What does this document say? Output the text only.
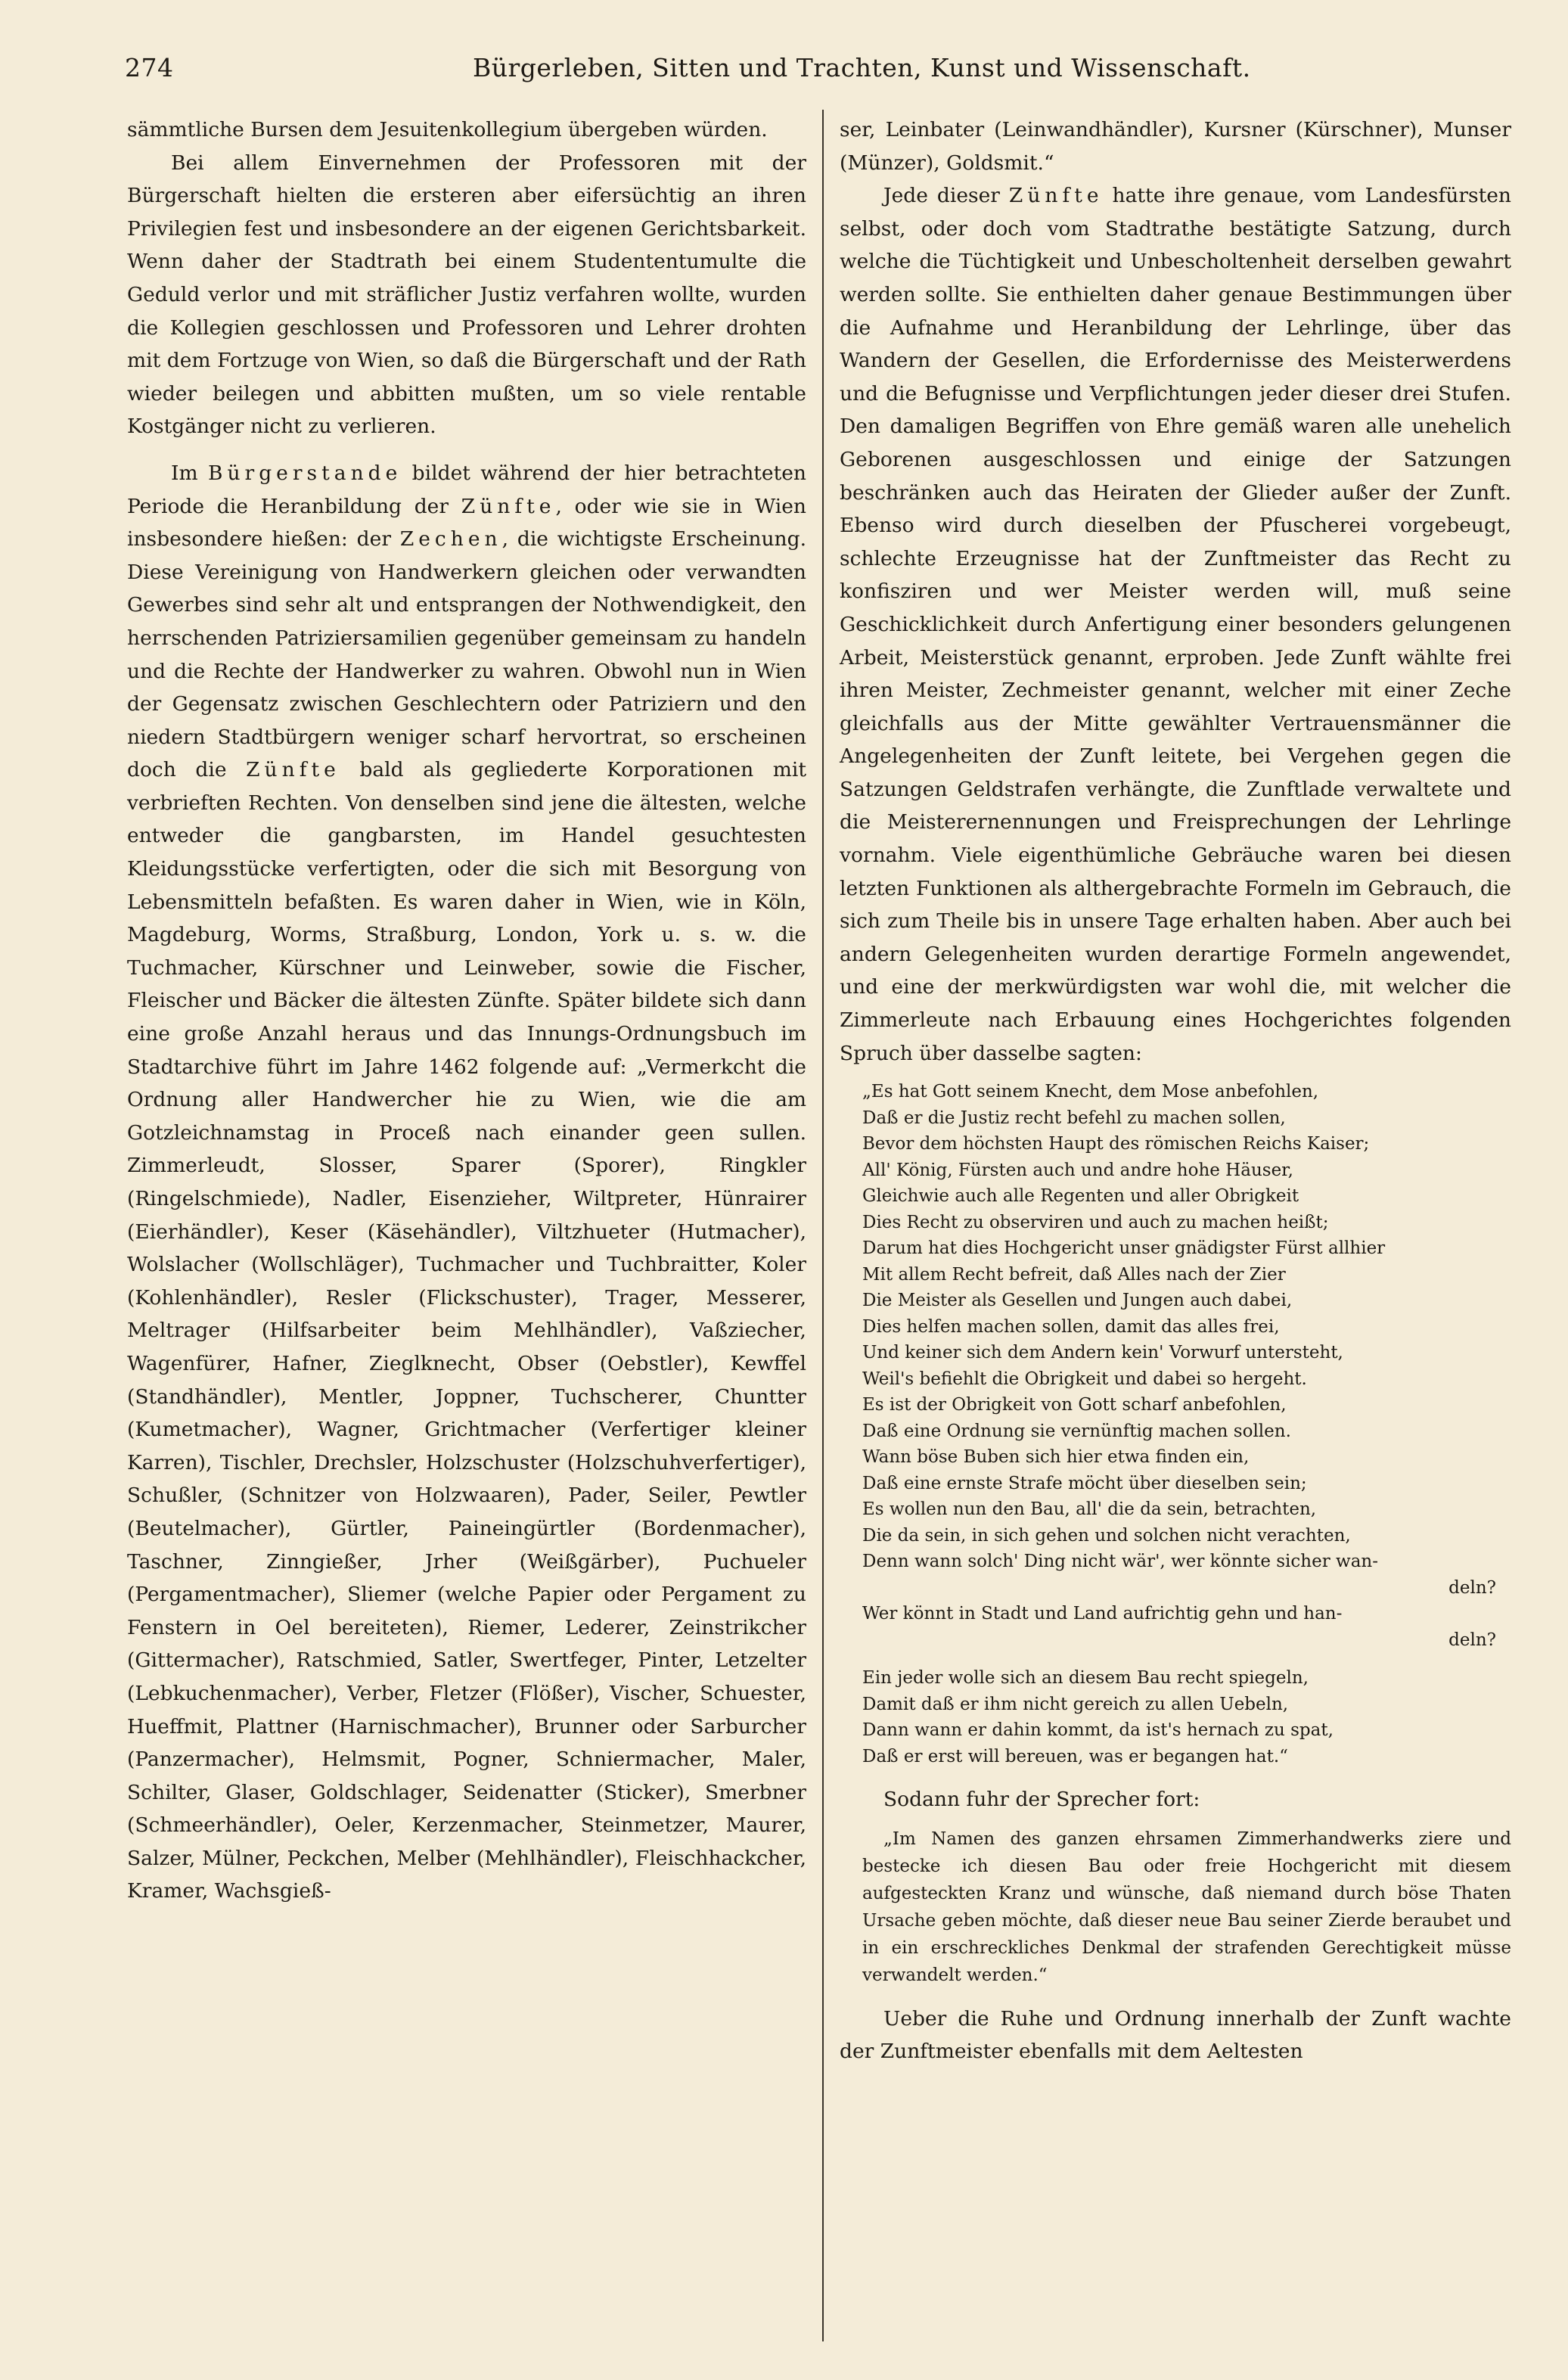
274	Bürgerleben, Sitten und Trachten, Kunst und Wissenschaft.

sämmtliche Bursen dem Jesuitenkollegium übergeben würden.

Bei allem Einvernehmen der Professoren mit der Bürgerschaft hielten die ersteren aber eifersüchtig an ihren Privilegien fest und insbesondere an der eigenen Gerichtsbarkeit. Wenn daher der Stadtrath bei einem Studententumulte die Geduld verlor und mit sträflicher Justiz verfahren wollte, wurden die Kollegien geschlossen und Professoren und Lehrer drohten mit dem Fortzuge von Wien, so daß die Bürgerschaft und der Rath wieder beilegen und abbitten mußten, um so viele rentable Kostgänger nicht zu verlieren.

Im Bürgerstande bildet während der hier betrachteten Periode die Heranbildung der Zünfte, oder wie sie in Wien insbesondere hießen: der Zechen, die wichtigste Erscheinung. Diese Vereinigung von Handwerkern gleichen oder verwandten Gewerbes sind sehr alt und entsprangen der Nothwendigkeit, den herrschenden Patriziersamilien gegenüber gemeinsam zu handeln und die Rechte der Handwerker zu wahren. Obwohl nun in Wien der Gegensatz zwischen Geschlechtern oder Patriziern und den niedern Stadtbürgern weniger scharf hervortrat, so erscheinen doch die Zünfte bald als gegliederte Korporationen mit verbrieften Rechten. Von denselben sind jene die ältesten, welche entweder die gangbarsten, im Handel gesuchtesten Kleidungsstücke verfertigten, oder die sich mit Besorgung von Lebensmitteln befaßten. Es waren daher in Wien, wie in Köln, Magdeburg, Worms, Straßburg, London, York u. s. w. die Tuchmacher, Kürschner und Leinweber, sowie die Fischer, Fleischer und Bäcker die ältesten Zünfte. Später bildete sich dann eine große Anzahl heraus und das Innungs-Ordnungsbuch im Stadtarchive führt im Jahre 1462 folgende auf: „Vermerkcht die Ordnung aller Handwercher hie zu Wien, wie die am Gotzleichnamstag in Proceß nach einander geen sullen. Zimmerleudt, Slosser, Sparer (Sporer), Ringkler (Ringelschmiede), Nadler, Eisenzieher, Wiltpreter, Hünrairer (Eierhändler), Keser (Käsehändler), Viltzhueter (Hutmacher), Wolslacher (Wollschläger), Tuchmacher und Tuchbraitter, Koler (Kohlenhändler), Resler (Flickschuster), Trager, Messerer, Meltrager (Hilfsarbeiter beim Mehlhändler), Vaßziecher, Wagenfürer, Hafner, Zieglknecht, Obser (Oebstler), Kewffel (Standhändler), Mentler, Joppner, Tuchscherer, Chuntter (Kumetmacher), Wagner, Grichtmacher (Verfertiger kleiner Karren), Tischler, Drechsler, Holzschuster (Holzschuhverfertiger), Schußler, (Schnitzer von Holzwaaren), Pader, Seiler, Pewtler (Beutelmacher), Gürtler, Paineingürtler (Bordenmacher), Taschner, Zinngießer, Jrher (Weißgärber), Puchueler (Pergamentmacher), Sliemer (welche Papier oder Pergament zu Fenstern in Oel bereiteten), Riemer, Lederer, Zeinstrikcher (Gittermacher), Ratschmied, Satler, Swertfeger, Pinter, Letzelter (Lebkuchenmacher), Verber, Fletzer (Flößer), Vischer, Schuester, Hueffmit, Plattner (Harnischmacher), Brunner oder Sarburcher (Panzermacher), Helmsmit, Pogner, Schniermacher, Maler, Schilter, Glaser, Goldschlager, Seidenatter (Sticker), Smerbner (Schmeerhändler), Oeler, Kerzenmacher, Steinmetzer, Maurer, Salzer, Mülner, Peckchen, Melber (Mehlhändler), Fleischhackcher, Kramer, Wachsgieß-

ser, Leinbater (Leinwandhändler), Kursner (Kürschner), Munser (Münzer), Goldsmit.“

Jede dieser Zünfte hatte ihre genaue, vom Landesfürsten selbst, oder doch vom Stadtrathe bestätigte Satzung, durch welche die Tüchtigkeit und Unbescholtenheit derselben gewahrt werden sollte. Sie enthielten daher genaue Bestimmungen über die Aufnahme und Heranbildung der Lehrlinge, über das Wandern der Gesellen, die Erfordernisse des Meisterwerdens und die Befugnisse und Verpflichtungen jeder dieser drei Stufen. Den damaligen Begriffen von Ehre gemäß waren alle unehelich Geborenen ausgeschlossen und einige der Satzungen beschränken auch das Heiraten der Glieder außer der Zunft. Ebenso wird durch dieselben der Pfuscherei vorgebeugt, schlechte Erzeugnisse hat der Zunftmeister das Recht zu konfisziren und wer Meister werden will, muß seine Geschicklichkeit durch Anfertigung einer besonders gelungenen Arbeit, Meisterstück genannt, erproben. Jede Zunft wählte frei ihren Meister, Zechmeister genannt, welcher mit einer Zeche gleichfalls aus der Mitte gewählter Vertrauensmänner die Angelegenheiten der Zunft leitete, bei Vergehen gegen die Satzungen Geldstrafen verhängte, die Zunftlade verwaltete und die Meisterernennungen und Freisprechungen der Lehrlinge vornahm. Viele eigenthümliche Gebräuche waren bei diesen letzten Funktionen als althergebrachte Formeln im Gebrauch, die sich zum Theile bis in unsere Tage erhalten haben. Aber auch bei andern Gelegenheiten wurden derartige Formeln angewendet, und eine der merkwürdigsten war wohl die, mit welcher die Zimmerleute nach Erbauung eines Hochgerichtes folgenden Spruch über dasselbe sagten:

„Es hat Gott seinem Knecht, dem Mose anbefohlen,
Daß er die Justiz recht befehl zu machen sollen,
Bevor dem höchsten Haupt des römischen Reichs Kaiser;
All' König, Fürsten auch und andre hohe Häuser,
Gleichwie auch alle Regenten und aller Obrigkeit
Dies Recht zu observiren und auch zu machen heißt;
Darum hat dies Hochgericht unser gnädigster Fürst allhier
Mit allem Recht befreit, daß Alles nach der Zier
Die Meister als Gesellen und Jungen auch dabei,
Dies helfen machen sollen, damit das alles frei,
Und keiner sich dem Andern kein' Vorwurf untersteht,
Weil's befiehlt die Obrigkeit und dabei so hergeht.
Es ist der Obrigkeit von Gott scharf anbefohlen,
Daß eine Ordnung sie vernünftig machen sollen.
Wann böse Buben sich hier etwa finden ein,
Daß eine ernste Strafe möcht über dieselben sein;
Es wollen nun den Bau, all' die da sein, betrachten,
Die da sein, in sich gehen und solchen nicht verachten,
Denn wann solch' Ding nicht wär', wer könnte sicher wan-
deln?
Wer könnt in Stadt und Land aufrichtig gehn und han-
deln?
Ein jeder wolle sich an diesem Bau recht spiegeln,
Damit daß er ihm nicht gereich zu allen Uebeln,
Dann wann er dahin kommt, da ist's hernach zu spat,
Daß er erst will bereuen, was er begangen hat.“

Sodann fuhr der Sprecher fort:

„Im Namen des ganzen ehrsamen Zimmerhandwerks ziere und bestecke ich diesen Bau oder freie Hochgericht mit diesem aufgesteckten Kranz und wünsche, daß niemand durch böse Thaten Ursache geben möchte, daß dieser neue Bau seiner Zierde beraubet und in ein erschreckliches Denkmal der strafenden Gerechtigkeit müsse verwandelt werden.“

Ueber die Ruhe und Ordnung innerhalb der Zunft wachte der Zunftmeister ebenfalls mit dem Aeltesten
